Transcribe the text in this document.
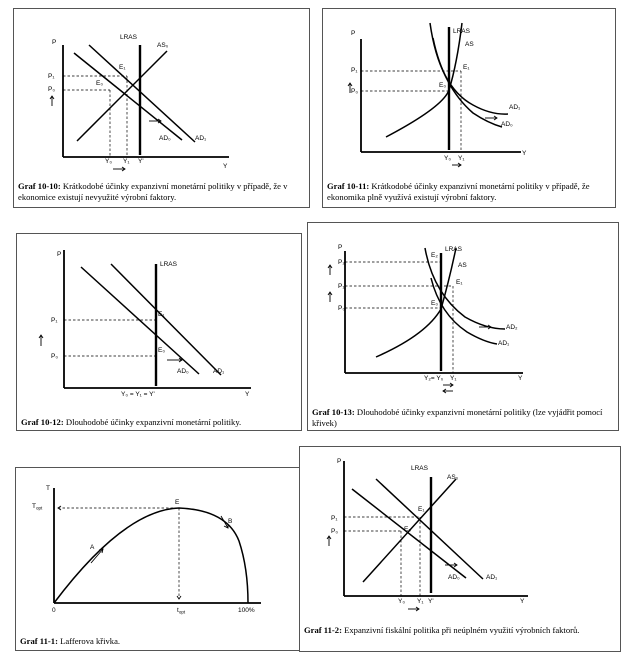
P
LRAS
AS₀
E₁
E₀
P₁
P₀
AD₀	AD₁
Y₀ Y₁ Y'
Y
Graf 10-10: Krátkodobé účinky expanzivní monetární politiky v případě, že v ekonomice existují nevyužité výrobní faktory.
P	LRAS
AS
E₁
E₀
P₁
P₀
AD₁
AD₀
Y₀ Y₁
Y
Graf 10-11: Krátkodobé účinky expanzivní monetární politiky v případě, že ekonomika plně využívá existují výrobní faktory.
P
LRAS
E₁
E₀
P₁
P₀
AD₀	AD₁
Y₀ = Y₁ = Y'	Y
Graf 10-12: Dlouhodobé účinky expanzivní monetární politiky.
P
E₂
LRAS
AS
E₁
E₀
P₂
P₁
P₀
AD₂
AD₁
Y₂= Y₀ Y₁	Y
Graf 10-13: Dlouhodobé účinky expanzivní monetární politiky (lze vyjádřit pomocí křivek)
T
$T_{opt}$
E
A
B
0	$t_{opt}$	100%
Graf 11-1: Lafferova křivka.
P
LRAS
AS₀
E₁
E₀
P₁
P₀
AD₀	AD₁
Y₀ Y₁ Y'	Y
Graf 11-2: Expanzivní fiskální politika při neúplném využití výrobních faktorů.
